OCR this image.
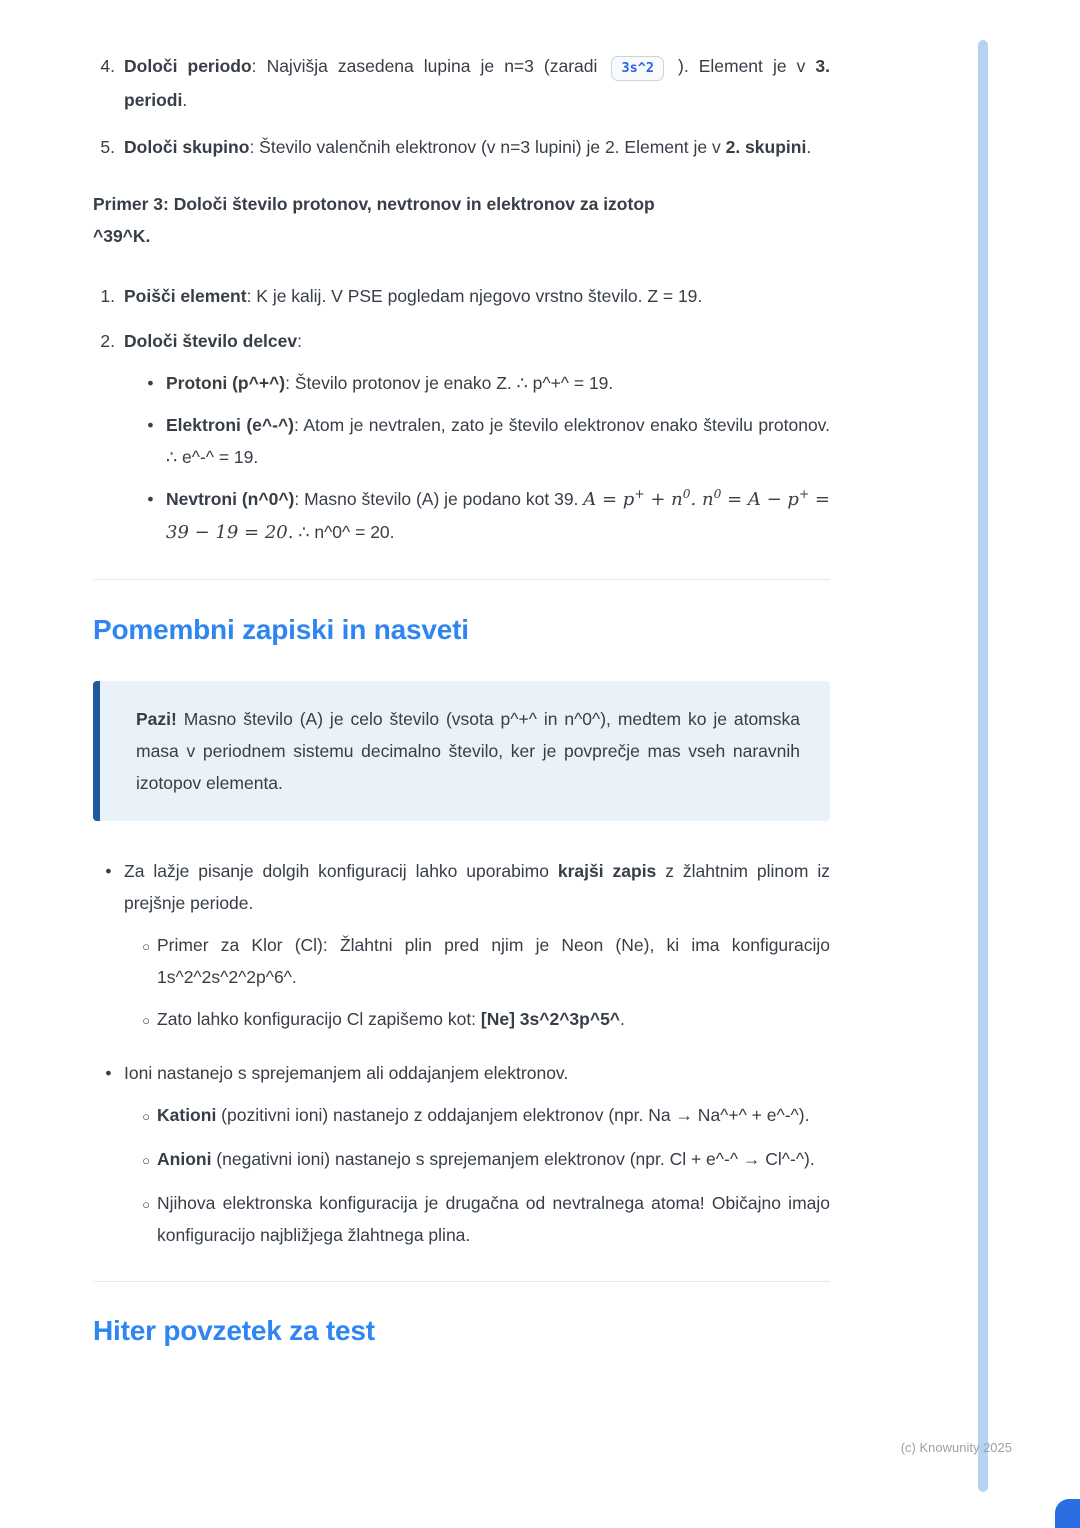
4. Določi periodo: Najvišja zasedena lupina je n=3 (zaradi 3s^2 ). Element je v 3. periodi.
5. Določi skupino: Število valenčnih elektronov (v n=3 lupini) je 2. Element je v 2. skupini.

Primer 3: Določi število protonov, nevtronov in elektronov za izotop
^39^K.

1. Poišči element: K je kalij. V PSE pogledam njegovo vrstno število. Z = 19.
2. Določi število delcev:
•
Protoni (p^+^): Število protonov je enako Z. ∴ p^+^ = 19.
•
Elektroni (e^-^): Atom je nevtralen, zato je število elektronov enako številu protonov. ∴ e^-^ = 19.
•
Nevtroni (n^0^): Masno število (A) je podano kot 39. $A = p^+ + n^0$. $n^0 = A - p^+ = 39 - 19 = 20$. ∴ n^0^ = 20.
Pomembni zapiski in nasveti
Pazi! Masno število (A) je celo število (vsota p^+^ in n^0^), medtem ko je atomska masa v periodnem sistemu decimalno število, ker je povprečje mas vseh naravnih izotopov elementa.
•
Za lažje pisanje dolgih konfiguracij lahko uporabimo krajši zapis z žlahtnim plinom iz prejšnje periode.
○
Primer za Klor (Cl): Žlahtni plin pred njim je Neon (Ne), ki ima konfiguracijo 1s^2^2s^2^2p^6^.
○
Zato lahko konfiguracijo Cl zapišemo kot: [Ne] 3s^2^3p^5^.
•
Ioni nastanejo s sprejemanjem ali oddajanjem elektronov.
○
Kationi (pozitivni ioni) nastanejo z oddajanjem elektronov (npr. Na → Na^+^ + e^-^).
○
Anioni (negativni ioni) nastanejo s sprejemanjem elektronov (npr. Cl + e^-^ → Cl^-^).
○
Njihova elektronska konfiguracija je drugačna od nevtralnega atoma! Običajno imajo konfiguracijo najbližjega žlahtnega plina.
Hiter povzetek za test
(c) Knowunity 2025
